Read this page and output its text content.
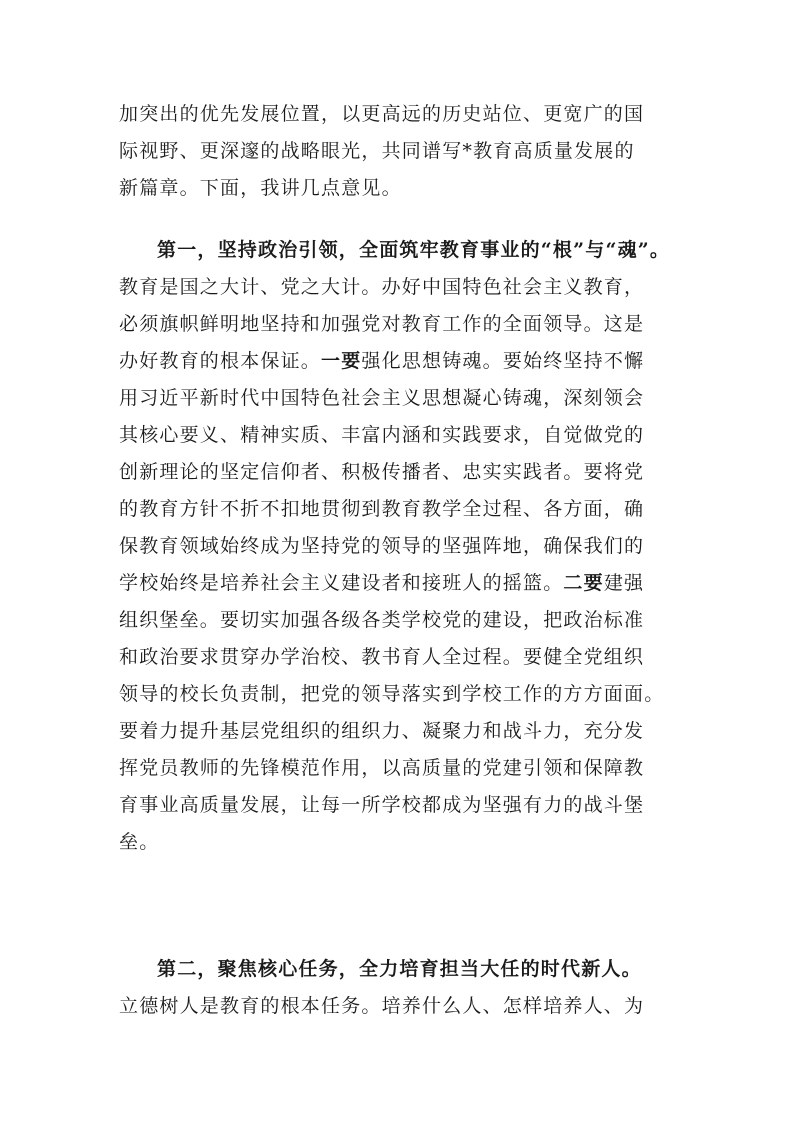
加突出的优先发展位置，以更高远的历史站位、更宽广的国
际视野、更深邃的战略眼光，共同谱写*教育高质量发展的
新篇章。下面，我讲几点意见。
第一，坚持政治引领，全面筑牢教育事业的“根”与“魂”。
教育是国之大计、党之大计。办好中国特色社会主义教育，
必须旗帜鲜明地坚持和加强党对教育工作的全面领导。这是
办好教育的根本保证。一要强化思想铸魂。要始终坚持不懈
用习近平新时代中国特色社会主义思想凝心铸魂，深刻领会
其核心要义、精神实质、丰富内涵和实践要求，自觉做党的
创新理论的坚定信仰者、积极传播者、忠实实践者。要将党
的教育方针不折不扣地贯彻到教育教学全过程、各方面，确
保教育领域始终成为坚持党的领导的坚强阵地，确保我们的
学校始终是培养社会主义建设者和接班人的摇篮。二要建强
组织堡垒。要切实加强各级各类学校党的建设，把政治标准
和政治要求贯穿办学治校、教书育人全过程。要健全党组织
领导的校长负责制，把党的领导落实到学校工作的方方面面。
要着力提升基层党组织的组织力、凝聚力和战斗力，充分发
挥党员教师的先锋模范作用，以高质量的党建引领和保障教
育事业高质量发展，让每一所学校都成为坚强有力的战斗堡
垒。
第二，聚焦核心任务，全力培育担当大任的时代新人。
立德树人是教育的根本任务。培养什么人、怎样培养人、为
